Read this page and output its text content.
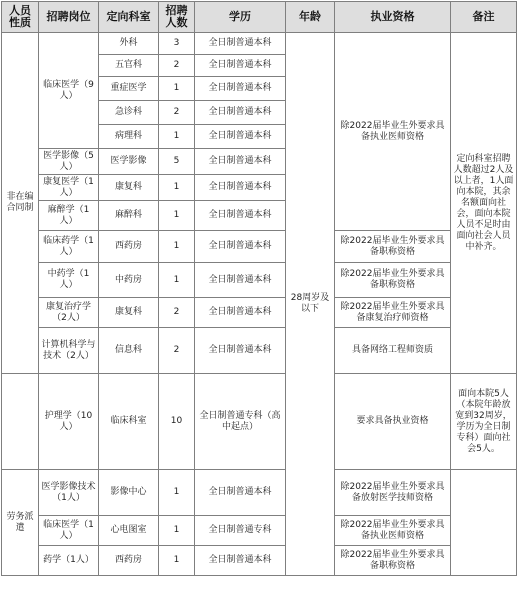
人员性质	招聘岗位	定向科室	招聘人数	学历	年龄	执业资格	备注
非在编合同制	临床医学（9人）	外科	3	全日制普通本科	28周岁及以下	除2022届毕业生外要求具备执业医师资格	定向科室招聘人数超过2人及以上者，1人面向本院，其余名额面向社会，面向本院人员不足时由面向社会人员中补齐。
		五官科	2	全日制普通本科			
		重症医学	1	全日制普通本科			
		急诊科	2	全日制普通本科			
		病理科	1	全日制普通本科			
	医学影像（5人）	医学影像	5	全日制普通本科			
	康复医学（1人）	康复科	1	全日制普通本科			
	麻醉学（1人）	麻醉科	1	全日制普通本科			
	临床药学（1人）	西药房	1	全日制普通本科		除2022届毕业生外要求具备职称资格	
	中药学（1人）	中药房	1	全日制普通本科		除2022届毕业生外要求具备职称资格	
	康复治疗学（2人）	康复科	2	全日制普通本科		除2022届毕业生外要求具备康复治疗师资格	
	计算机科学与技术（2人）	信息科	2	全日制普通本科		具备网络工程师资质	
	护理学（10人）	临床科室	10	全日制普通专科（高中起点）		要求具备执业资格	面向本院5人（本院年龄放宽到32周岁，学历为全日制专科）面向社会5人。
劳务派遣	医学影像技术（1人）	影像中心	1	全日制普通本科		除2022届毕业生外要求具备放射医学技师资格	
	临床医学（1人）	心电图室	1	全日制普通专科		除2022届毕业生外要求具备执业医师资格	
	药学（1人）	西药房	1	全日制普通本科		除2022届毕业生外要求具备职称资格	
